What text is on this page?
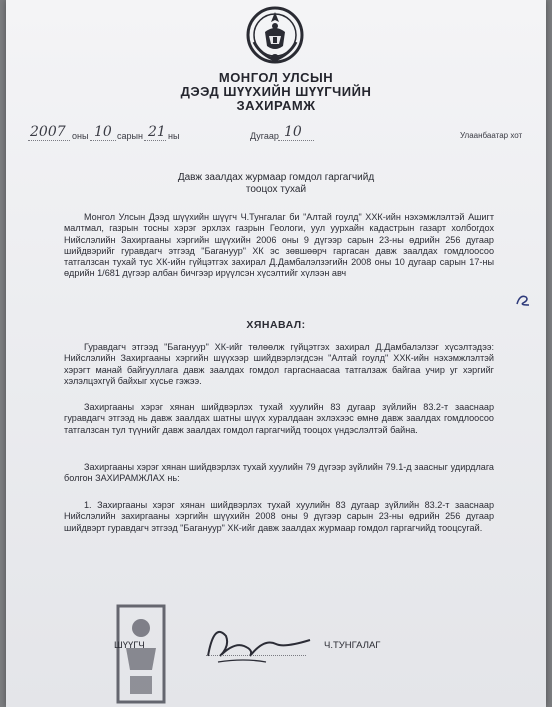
МОНГОЛ УЛСЫН
ДЭЭД ШҮҮХИЙН ШҮҮГЧИЙН
ЗАХИРАМЖ
2007 оны 10 сарын 21 ны	Дугаар 10	Улаанбаатар хот
Давж заалдах журмаар гомдол гаргагчийд
тооцох тухай
Монгол Улсын Дээд шүүхийн шүүгч Ч.Тунгалаг би "Алтай гоулд" ХХК-ийн нэхэмжлэлтэй Ашигт малтмал, газрын тосны хэрэг эрхлэх газрын Геологи, уул уурхайн кадастрын газарт холбогдох Нийслэлийн Захиргааны хэргийн шүүхийн 2006 оны 9 дүгээр сарын 23-ны өдрийн 256 дугаар шийдвэрийг гуравдагч этгээд "Багануур" ХК эс зөвшөөрч гаргасан давж заалдах гомдлоосоо татгалзсан тухай тус ХК-ийн гүйцэтгэх захирал Д.Дамбалэлзэгийн 2008 оны 10 дугаар сарын 17-ны өдрийн 1/681 дүгээр албан бичгээр ирүүлсэн хүсэлтийг хүлээн авч
ХЯНАВАЛ:
Гуравдагч этгээд "Багануур" ХК-ийг төлөөлж гүйцэтгэх захирал Д.Дамбалэлзэг хүсэлтэдээ: Нийслэлийн Захиргааны хэргийн шүүхээр шийдвэрлэгдсэн "Алтай гоулд" ХХК-ийн нэхэмжлэлтэй хэрэгт манай байгууллага давж заалдах гомдол гаргаснаасаа татгалзаж байгаа учир уг хэргийг хэлэлцэхгүй байхыг хүсье гэжээ.
Захиргааны хэрэг хянан шийдвэрлэх тухай хуулийн 83 дугаар зүйлийн 83.2-т зааснаар гуравдагч этгээд нь давж заалдах шатны шүүх хуралдаан эхлэхээс өмнө давж заалдах гомдлоосоо татгалзсан тул түүнийг давж заалдах гомдол гаргагчийд тооцох үндэслэлтэй байна.
Захиргааны хэрэг хянан шийдвэрлэх тухай хуулийн 79 дүгээр зүйлийн 79.1-д заасныг удирдлага болгон ЗАХИРАМЖЛАХ нь:
1. Захиргааны хэрэг хянан шийдвэрлэх тухай хуулийн 83 дугаар зүйлийн 83.2-т зааснаар Нийслэлийн захиргааны хэргийн шүүхийн 2008 оны 9 дүгээр сарын 23-ны өдрийн 256 дугаар шийдвэрт гуравдагч этгээд "Багануур" ХК-ийг давж заалдах журмаар гомдол гаргагчийд тооцсугай.
ШҮҮГЧ	Ч.ТУНГАЛАГ
